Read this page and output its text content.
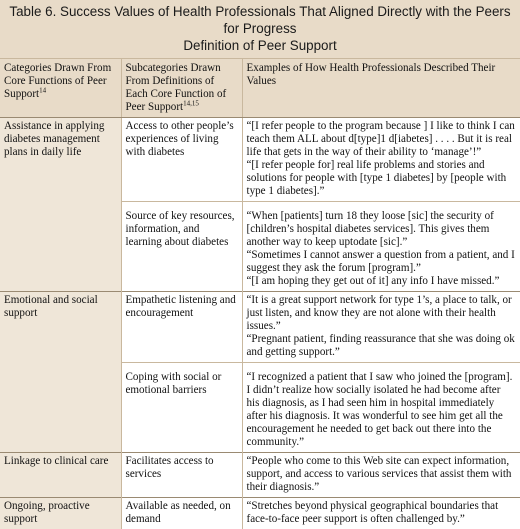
Table 6. Success Values of Health Professionals That Aligned Directly with the Peers for Progress
Definition of Peer Support
Categories Drawn From Core Functions of Peer Support$^{14}$	Subcategories Drawn From Definitions of Each Core Function of Peer Support$^{14,15}$	Examples of How Health Professionals Described Their Values
Assistance in applying diabetes management plans in daily life	Access to other people’s experiences of living with diabetes	“[I refer people to the program because ] I like to think I can teach them ALL about d[type]1 d[iabetes] . . . . But it is real life that gets in the way of their ability to ‘manage’!”
“[I refer people for] real life problems and stories and solutions for people with [type 1 diabetes] by [people with type 1 diabetes].”

	Source of key resources, information, and learning about diabetes	“When [patients] turn 18 they loose [sic] the security of [children’s hospital diabetes services]. This gives them another way to keep uptodate [sic].”
“Sometimes I cannot answer a question from a patient, and I suggest they ask the forum [program].”
“[I am hoping they get out of it] any info I have missed.”

Emotional and social support	Empathetic listening and encouragement	“It is a great support network for type 1’s, a place to talk, or just listen, and know they are not alone with their health issues.”
“Pregnant patient, finding reassurance that she was doing ok and getting support.”

	Coping with social or emotional barriers	“I recognized a patient that I saw who joined the [program]. I didn’t realize how socially isolated he had become after his diagnosis, as I had seen him in hospital immediately after his diagnosis. It was wonderful to see him get all the encouragement he needed to get back out there into the community.”

Linkage to clinical care	Facilitates access to services	“People who come to this Web site can expect information, support, and access to various services that assist them with their diagnosis.”

Ongoing, proactive support	Available as needed, on demand	“Stretches beyond physical geographical boundaries that face-to-face peer support is often challenged by.”
